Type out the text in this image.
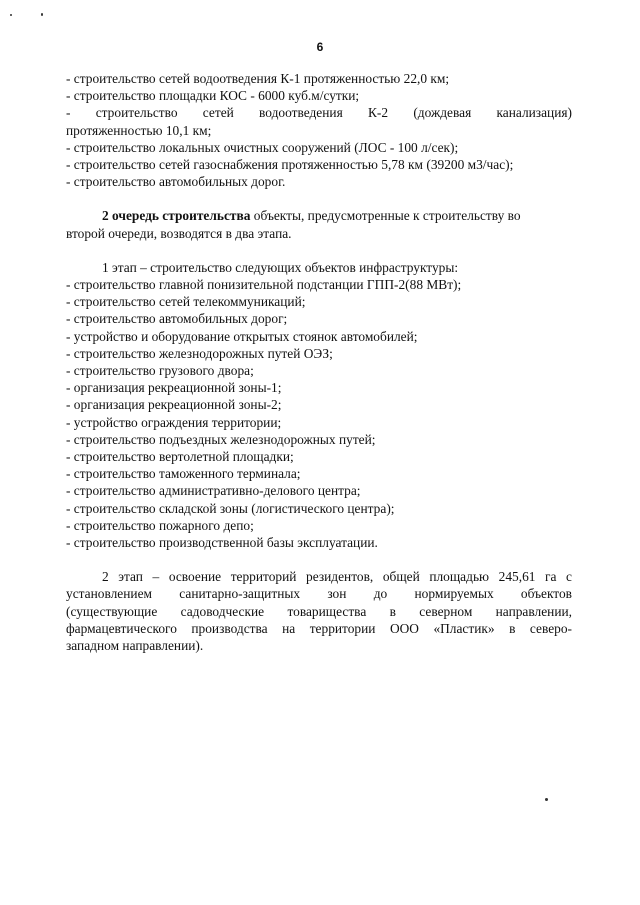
6
- строительство сетей водоотведения К-1 протяженностью 22,0 км;
- строительство площадки КОС - 6000 куб.м/сутки;
- строительство сетей водоотведения К-2 (дождевая канализация)
протяженностью 10,1 км;
- строительство локальных очистных сооружений (ЛОС - 100 л/сек);
- строительство сетей газоснабжения протяженностью 5,78 км (39200 м3/час);
- строительство автомобильных дорог.
2 очередь строительства объекты, предусмотренные к строительству во
второй очереди, возводятся в два этапа.
1 этап – строительство следующих объектов инфраструктуры:
- строительство главной понизительной подстанции ГПП-2(88 МВт);
- строительство сетей телекоммуникаций;
- строительство автомобильных дорог;
- устройство и оборудование открытых стоянок автомобилей;
- строительство железнодорожных путей ОЭЗ;
- строительство грузового двора;
- организация рекреационной зоны-1;
- организация рекреационной зоны-2;
- устройство ограждения территории;
- строительство подъездных железнодорожных путей;
- строительство вертолетной площадки;
- строительство таможенного терминала;
- строительство административно-делового центра;
- строительство складской зоны (логистического центра);
- строительство пожарного депо;
- строительство производственной базы эксплуатации.
2 этап – освоение территорий резидентов, общей площадью 245,61 га с
установлением санитарно-защитных зон до нормируемых объектов
(существующие садоводческие товарищества в северном направлении,
фармацевтического производства на территории ООО «Пластик» в северо-
западном направлении).
